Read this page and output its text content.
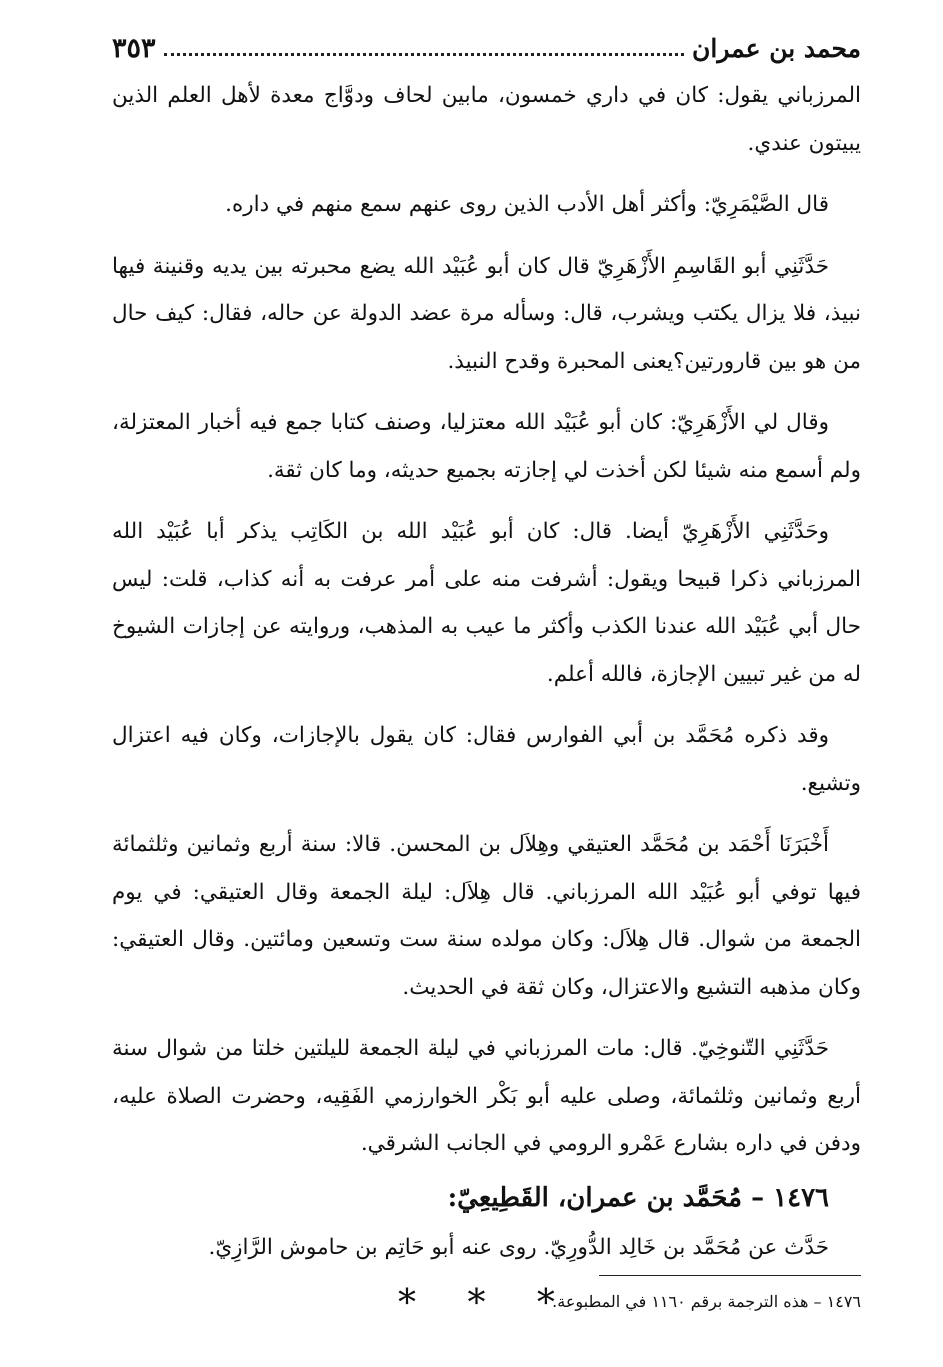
محمد بن عمران
٣٥٣

المرزباني يقول: كان في داري خمسون، مابين لحاف ودوَّاج معدة لأهل العلم الذين يبيتون عندي.

قال الصَّيْمَرِيّ: وأكثر أهل الأدب الذين روى عنهم سمع منهم في داره.

حَدَّثَنِي أبو القَاسِمِ الأَزْهَرِيّ قال كان أبو عُبَيْد الله يضع محبرته بين يديه وقنينة فيها نبيذ، فلا يزال يكتب ويشرب، قال: وسأله مرة عضد الدولة عن حاله، فقال: كيف حال من هو بين قارورتين؟يعنى المحبرة وقدح النبيذ.

وقال لي الأَزْهَرِيّ: كان أبو عُبَيْد الله معتزليا، وصنف كتابا جمع فيه أخبار المعتزلة، ولم أسمع منه شيئا لكن أخذت لي إجازته بجميع حديثه، وما كان ثقة.

وحَدَّثَنِي الأَزْهَرِيّ أيضا. قال: كان أبو عُبَيْد الله بن الكَاتِب يذكر أبا عُبَيْد الله المرزباني ذكرا قبيحا ويقول: أشرفت منه على أمر عرفت به أنه كذاب، قلت: ليس حال أبي عُبَيْد الله عندنا الكذب وأكثر ما عيب به المذهب، وروايته عن إجازات الشيوخ له من غير تبيين الإجازة، فالله أعلم.

وقد ذكره مُحَمَّد بن أبي الفوارس فقال: كان يقول بالإجازات، وكان فيه اعتزال وتشيع.

أَخْبَرَنَا أَحْمَد بن مُحَمَّد العتيقي وهِلاَل بن المحسن. قالا: سنة أربع وثمانين وثلثمائة فيها توفي أبو عُبَيْد الله المرزباني. قال هِلاَل: ليلة الجمعة وقال العتيقي: في يوم الجمعة من شوال. قال هِلاَل: وكان مولده سنة ست وتسعين ومائتين. وقال العتيقي: وكان مذهبه التشيع والاعتزال، وكان ثقة في الحديث.

حَدَّثَنِي التّنوخِيّ. قال: مات المرزباني في ليلة الجمعة لليلتين خلتا من شوال سنة أربع وثمانين وثلثمائة، وصلى عليه أبو بَكْر الخوارزمي الفَقِيه، وحضرت الصلاة عليه، ودفن في داره بشارع عَمْرو الرومي في الجانب الشرقي.

١٤٧٦ – مُحَمَّد بن عمران، القَطِيعِيّ:

حَدَّث عن مُحَمَّد بن خَالِد الدُّورِيّ. روى عنه أبو حَاتِم بن حاموش الرَّازِيّ.

* * *
١٤٧٦ – هذه الترجمة برقم ١١٦٠ في المطبوعة.
